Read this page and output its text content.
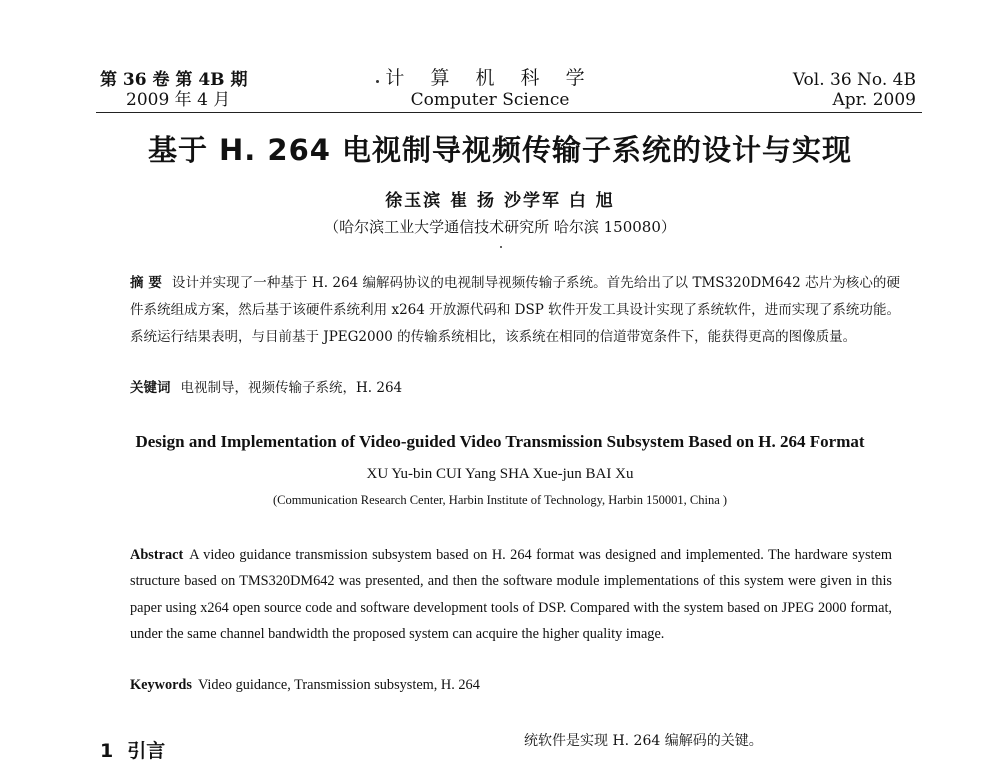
第 36 卷 第 4B 期
2009 年 4 月
计 算 机 科 学
Computer Science
Vol. 36 No. 4B
Apr. 2009
基于 H. 264 电视制导视频传输子系统的设计与实现
徐玉滨 崔 扬 沙学军 白 旭
（哈尔滨工业大学通信技术研究所 哈尔滨 150080）
摘 要 设计并实现了一种基于 H. 264 编解码协议的电视制导视频传输子系统。首先给出了以 TMS320DM642 芯片为核心的硬件系统组成方案，然后基于该硬件系统利用 x264 开放源代码和 DSP 软件开发工具设计实现了系统软件，进而实现了系统功能。系统运行结果表明，与目前基于 JPEG2000 的传输系统相比，该系统在相同的信道带宽条件下，能获得更高的图像质量。
关键词 电视制导，视频传输子系统，H. 264
Design and Implementation of Video-guided Video Transmission Subsystem Based on H. 264 Format
XU Yu-bin CUI Yang SHA Xue-jun BAI Xu
(Communication Research Center, Harbin Institute of Technology, Harbin 150001, China )
Abstract A video guidance transmission subsystem based on H. 264 format was designed and implemented. The hardware system structure based on TMS320DM642 was presented, and then the software module implementations of this system were given in this paper using x264 open source code and software development tools of DSP. Compared with the system based on JPEG 2000 format, under the same channel bandwidth the proposed system can acquire the higher quality image.
Keywords Video guidance, Transmission subsystem, H. 264
1 引言	统软件是实现 H. 264 编解码的关键。
